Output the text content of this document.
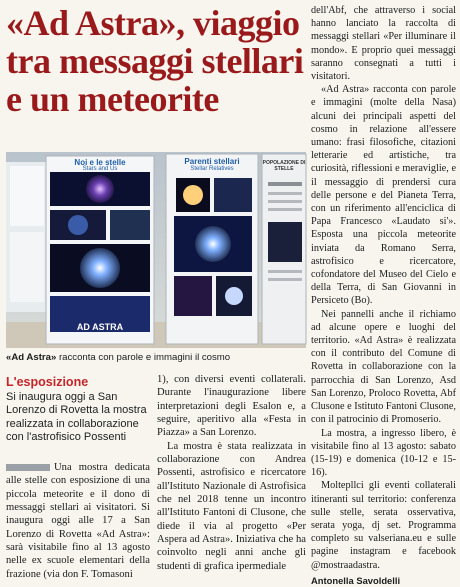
«Ad Astra», viaggio
tra messaggi stellari
e un meteorite
Noi e le stelle
Stars and Us
AD ASTRA
Parenti stellari
Stellar Relatives
POPOLAZIONE DI STELLE
«Ad Astra» racconta con parole e immagini il cosmo
L'esposizione
Si inaugura oggi a San Lorenzo di Rovetta la mostra realizzata in collaborazione con l'astrofisico Possenti

Una mostra dedicata alle stelle con esposizione di una piccola meteorite e il dono di messaggi stellari ai visitatori. Si inaugura oggi alle 17 a San Lorenzo di Rovetta «Ad Astra»: sarà visitabile fino al 13 agosto nelle ex scuole elementari della frazione (via don F. Tomasoni

1), con diversi eventi collaterali. Durante l'inaugurazione libere interpretazioni degli Esalon e, a seguire, aperitivo alla «Festa in Piazza» a San Lorenzo.

La mostra è stata realizzata in collaborazione con Andrea Possenti, astrofisico e ricercatore all'Istituto Nazionale di Astrofisica che nel 2018 tenne un incontro all'Istituto Fantoni di Clusone, che diede il via al progetto «Per Aspera ad Astra». Iniziativa che ha coinvolto negli anni anche gli studenti di grafica ipermediale

dell'Abf, che attraverso i social hanno lanciato la raccolta di messaggi stellari «Per illuminare il mondo». E proprio quei messaggi saranno consegnati a tutti i visitatori.

«Ad Astra» racconta con parole e immagini (molte della Nasa) alcuni dei principali aspetti del cosmo in relazione all'essere umano: frasi filosofiche, citazioni letterarie ed artistiche, tra curiosità, riflessioni e meraviglie, e il messaggio di prendersi cura delle persone e del Pianeta Terra, con un riferimento all'enciclica di Papa Francesco «Laudato si'». Esposta una piccola meteorite inviata da Romano Serra, astrofisico e ricercatore, cofondatore del Museo del Cielo e della Terra, di San Giovanni in Persiceto (Bo).

Nei pannelli anche il richiamo ad alcune opere e luoghi del territorio. «Ad Astra» è realizzata con il contributo del Comune di Rovetta in collaborazione con la parrocchia di San Lorenzo, Asd San Lorenzo, Proloco Rovetta, Abf Clusone e Istituto Fantoni Clusone, con il patrocinio di Promoserio.

La mostra, a ingresso libero, è visitabile fino al 13 agosto: sabato (15-19) e domenica (10-12 e 15-16).

Moltepllci gli eventi collaterali itineranti sul territorio: conferenza sulle stelle, serata osservativa, serata yoga, dj set. Programma completo su valseriana.eu e sulle pagine instagram e facebook @mostraadastra.

Antonella Savoldelli
